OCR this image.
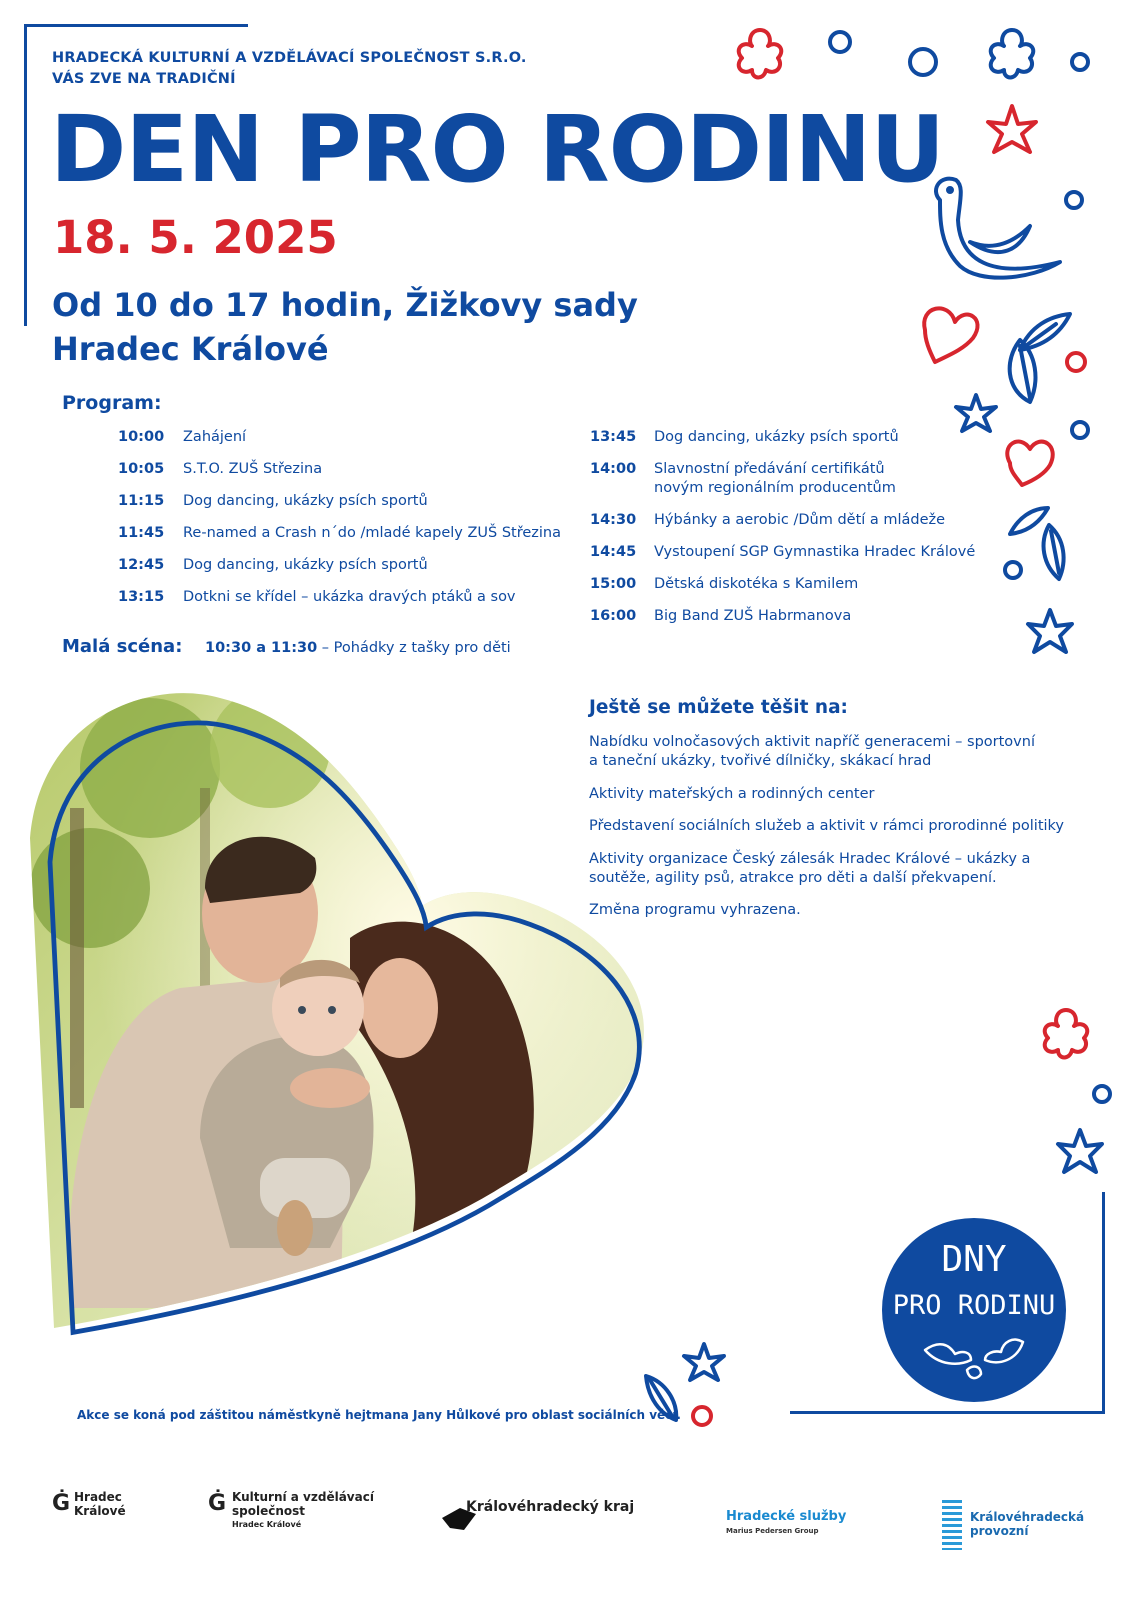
HRADECKÁ KULTURNÍ A VZDĚLÁVACÍ SPOLEČNOST S.R.O.
VÁS ZVE NA TRADIČNÍ
DEN PRO RODINU
18. 5. 2025
Od 10 do 17 hodin, Žižkovy sady
Hradec Králové
Program:
10:00 Zahájení
10:05 S.T.O. ZUŠ Střezina
11:15 Dog dancing, ukázky psích sportů
11:45 Re-named a Crash n´do /mladé kapely ZUŠ Střezina
12:45 Dog dancing, ukázky psích sportů
13:15 Dotkni se křídel – ukázka dravých ptáků a sov
13:45 Dog dancing, ukázky psích sportů
14:00 Slavnostní předávání certifikátů
novým regionálním producentům
14:30 Hýbánky a aerobic /Dům dětí a mládeže
14:45 Vystoupení SGP Gymnastika Hradec Králové
15:00 Dětská diskotéka s Kamilem
16:00 Big Band ZUŠ Habrmanova
Malá scéna: 10:30 a 11:30 – Pohádky z tašky pro děti
Ještě se můžete těšit na:
Nabídku volnočasových aktivit napříč generacemi – sportovní a taneční ukázky, tvořivé dílničky, skákací hrad
Aktivity mateřských a rodinných center
Představení sociálních služeb a aktivit v rámci prorodinné politiky
Aktivity organizace Český zálesák Hradec Králové – ukázky a soutěže, agility psů, atrakce pro děti a další překvapení.
Změna programu vyhrazena.
DNY
PRO RODINU
Akce se koná pod záštitou náměstkyně hejtmana Jany Hůlkové pro oblast sociálních věcí.
Ġ Hradec
Králové	Ġ Kulturní a vzdělávací
společnost
Hradec Králové
Královéhradecký kraj
Hradecké služby
Marius Pedersen Group
Královéhradecká
provozní
